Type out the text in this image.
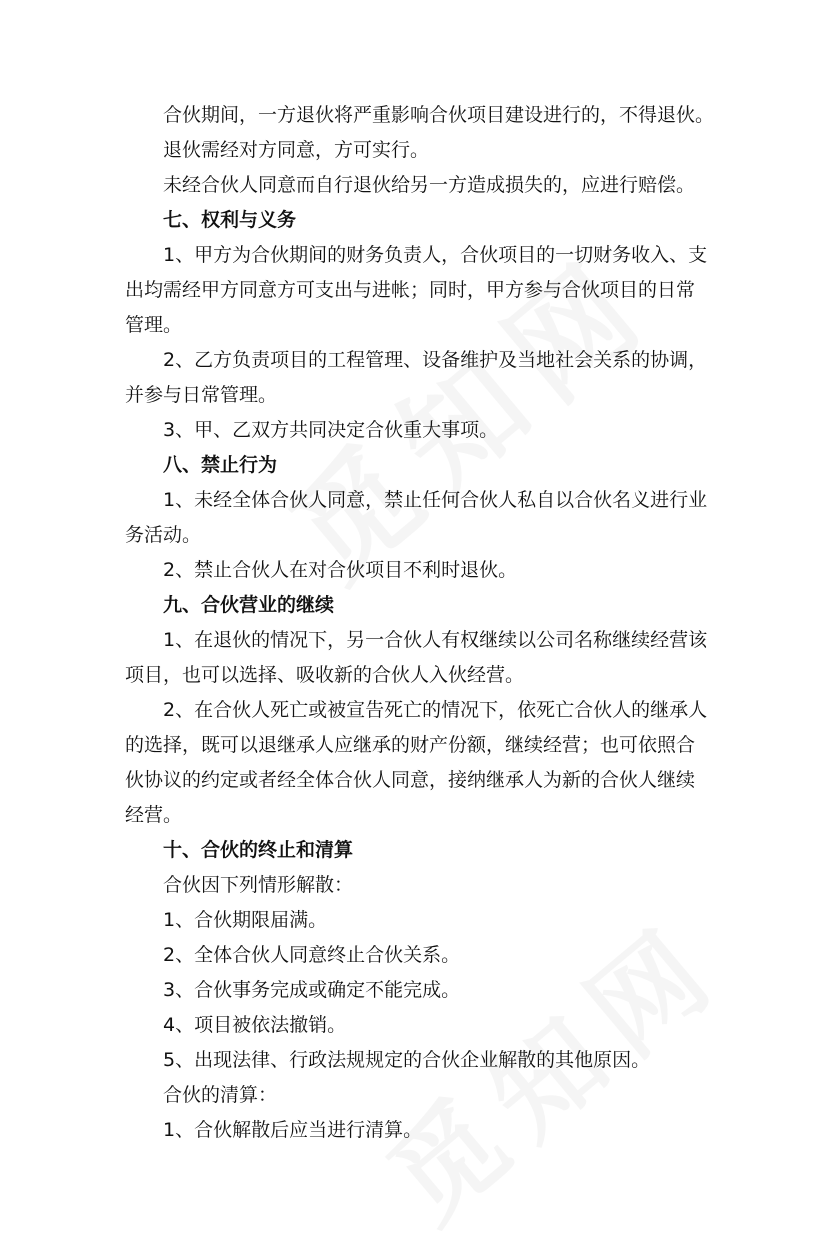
合伙期间，一方退伙将严重影响合伙项目建设进行的，不得退伙。

退伙需经对方同意，方可实行。

未经合伙人同意而自行退伙给另一方造成损失的，应进行赔偿。

七、权利与义务

1、甲方为合伙期间的财务负责人，合伙项目的一切财务收入、支

出均需经甲方同意方可支出与进帐；同时，甲方参与合伙项目的日常

管理。

2、乙方负责项目的工程管理、设备维护及当地社会关系的协调，

并参与日常管理。

3、甲、乙双方共同决定合伙重大事项。

八、禁止行为

1、未经全体合伙人同意，禁止任何合伙人私自以合伙名义进行业

务活动。

2、禁止合伙人在对合伙项目不利时退伙。

九、合伙营业的继续

1、在退伙的情况下，另一合伙人有权继续以公司名称继续经营该

项目，也可以选择、吸收新的合伙人入伙经营。

2、在合伙人死亡或被宣告死亡的情况下，依死亡合伙人的继承人

的选择，既可以退继承人应继承的财产份额，继续经营；也可依照合

伙协议的约定或者经全体合伙人同意，接纳继承人为新的合伙人继续

经营。

十、合伙的终止和清算

合伙因下列情形解散：

1、合伙期限届满。

2、全体合伙人同意终止合伙关系。

3、合伙事务完成或确定不能完成。

4、项目被依法撤销。

5、出现法律、行政法规规定的合伙企业解散的其他原因。

合伙的清算：

1、合伙解散后应当进行清算。
